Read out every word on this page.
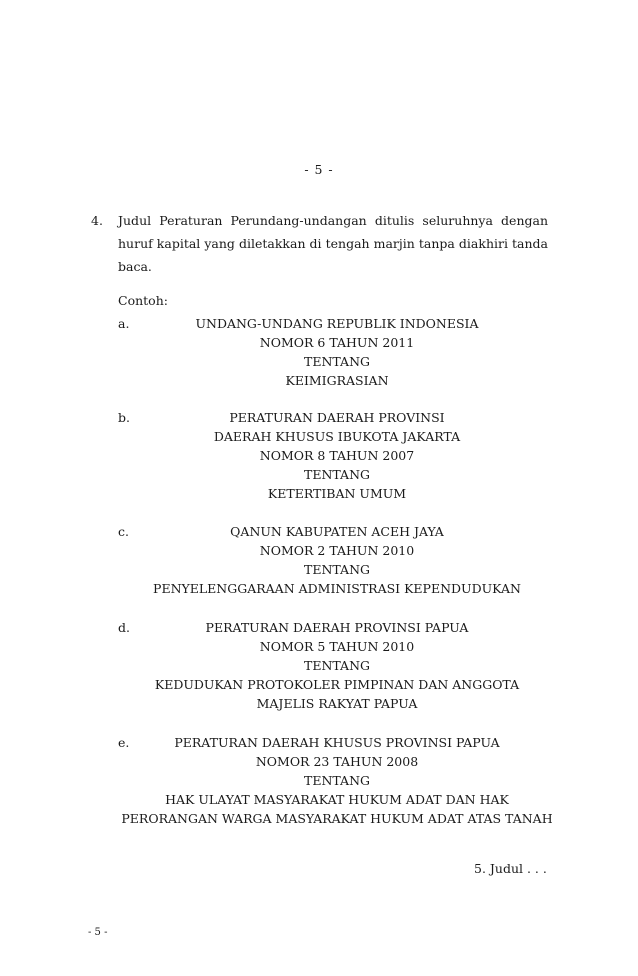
- 5 -
4. Judul Peraturan Perundang-undangan ditulis seluruhnya dengan
huruf kapital yang diletakkan di tengah marjin tanpa diakhiri tanda
baca.
Contoh:
a.	UNDANG-UNDANG REPUBLIK INDONESIA
NOMOR 6 TAHUN 2011
TENTANG
KEIMIGRASIAN
b.	PERATURAN DAERAH PROVINSI
DAERAH KHUSUS IBUKOTA JAKARTA
NOMOR 8 TAHUN 2007
TENTANG
KETERTIBAN UMUM
c.	QANUN KABUPATEN ACEH JAYA
NOMOR 2 TAHUN 2010
TENTANG
PENYELENGGARAAN ADMINISTRASI KEPENDUDUKAN
d.	PERATURAN DAERAH PROVINSI PAPUA
NOMOR 5 TAHUN 2010
TENTANG
KEDUDUKAN PROTOKOLER PIMPINAN DAN ANGGOTA
MAJELIS RAKYAT PAPUA
e.	PERATURAN DAERAH KHUSUS PROVINSI PAPUA
NOMOR 23 TAHUN 2008
TENTANG
HAK ULAYAT MASYARAKAT HUKUM ADAT DAN HAK
PERORANGAN WARGA MASYARAKAT HUKUM ADAT ATAS TANAH
5. Judul . . .
- 5 -
